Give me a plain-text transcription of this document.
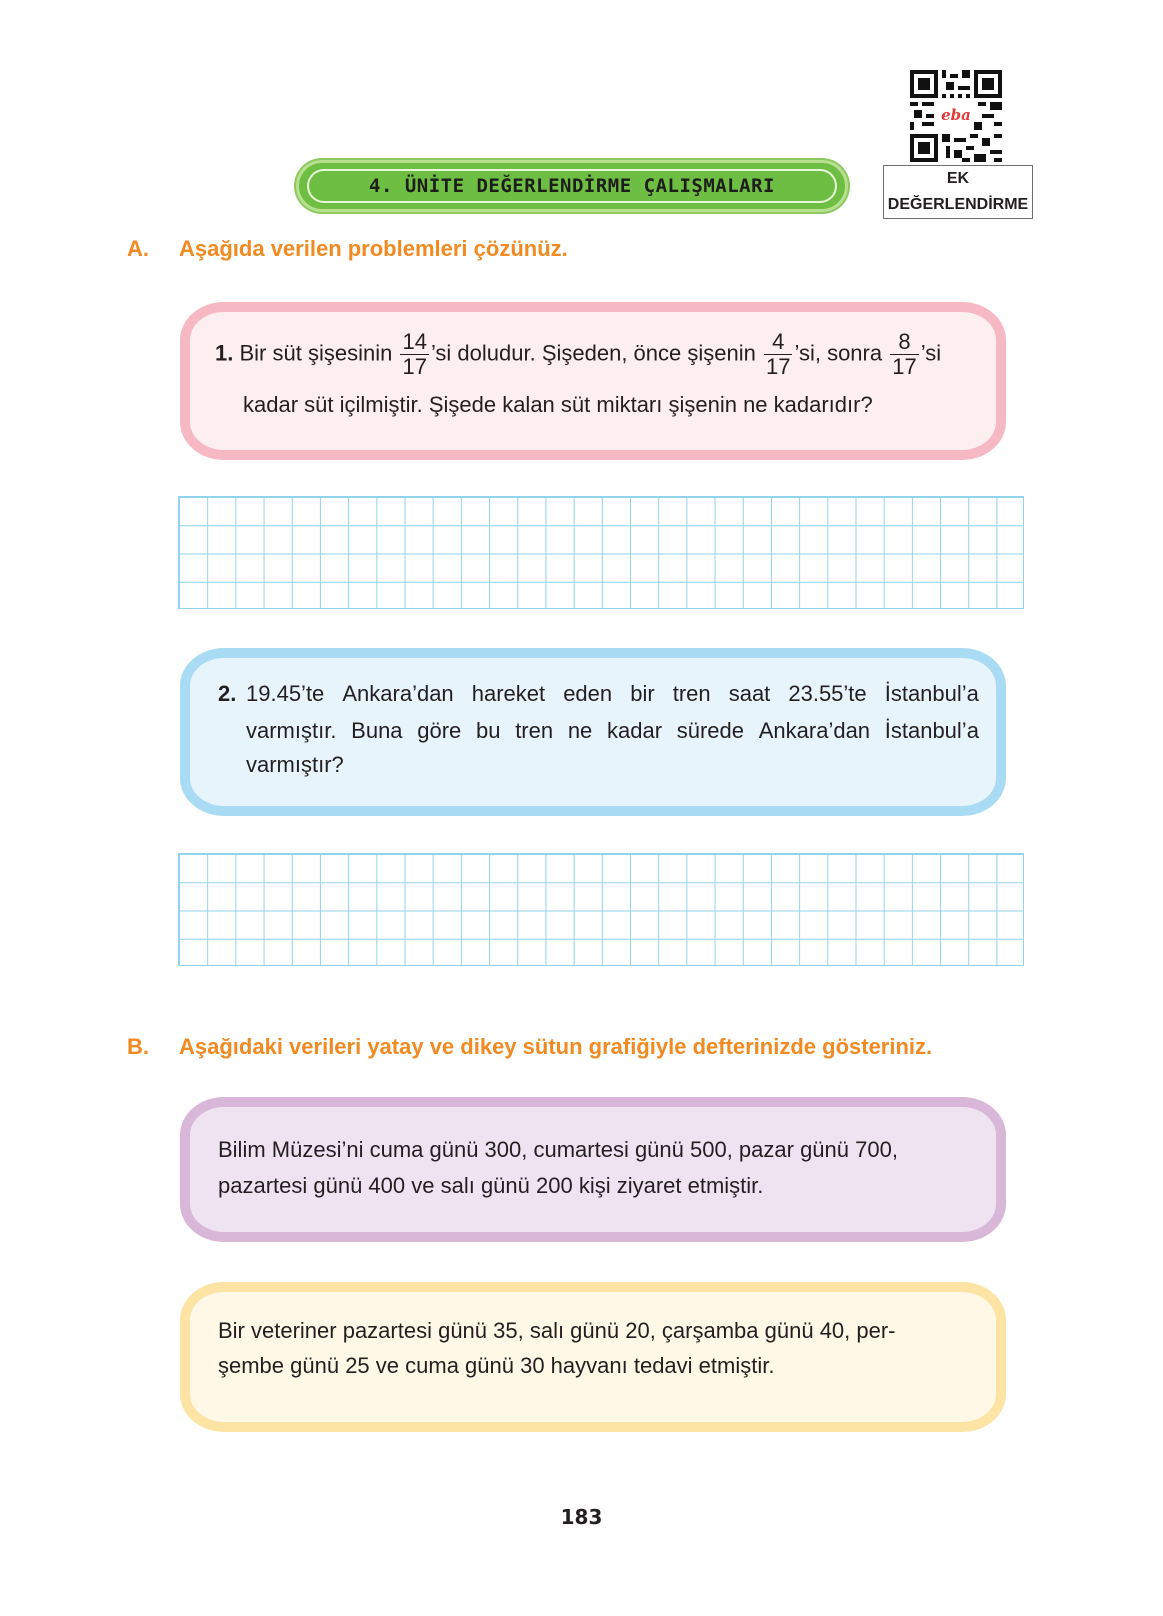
eba
EK
DEĞERLENDİRME
4. ÜNİTE DEĞERLENDİRME ÇALIŞMALARI
A. Aşağıda verilen problemleri çözünüz.
1. Bir süt şişesinin $\frac{14}{17}$ ’si doludur. Şişeden, önce şişenin $\frac{4}{17}$ ’si, sonra $\frac{8}{17}$ ’si
kadar süt içilmiştir. Şişede kalan süt miktarı şişenin ne kadarıdır?
2. 19.45’te Ankara’dan hareket eden bir tren saat 23.55’te İstanbul’a
varmıştır. Buna göre bu tren ne kadar sürede Ankara’dan İstanbul’a
varmıştır?
B. Aşağıdaki verileri yatay ve dikey sütun grafiğiyle defterinizde gösteriniz.
Bilim Müzesi’ni cuma günü 300, cumartesi günü 500, pazar günü 700,
pazartesi günü 400 ve salı günü 200 kişi ziyaret etmiştir.
Bir veteriner pazartesi günü 35, salı günü 20, çarşamba günü 40, per-
şembe günü 25 ve cuma günü 30 hayvanı tedavi etmiştir.
183
